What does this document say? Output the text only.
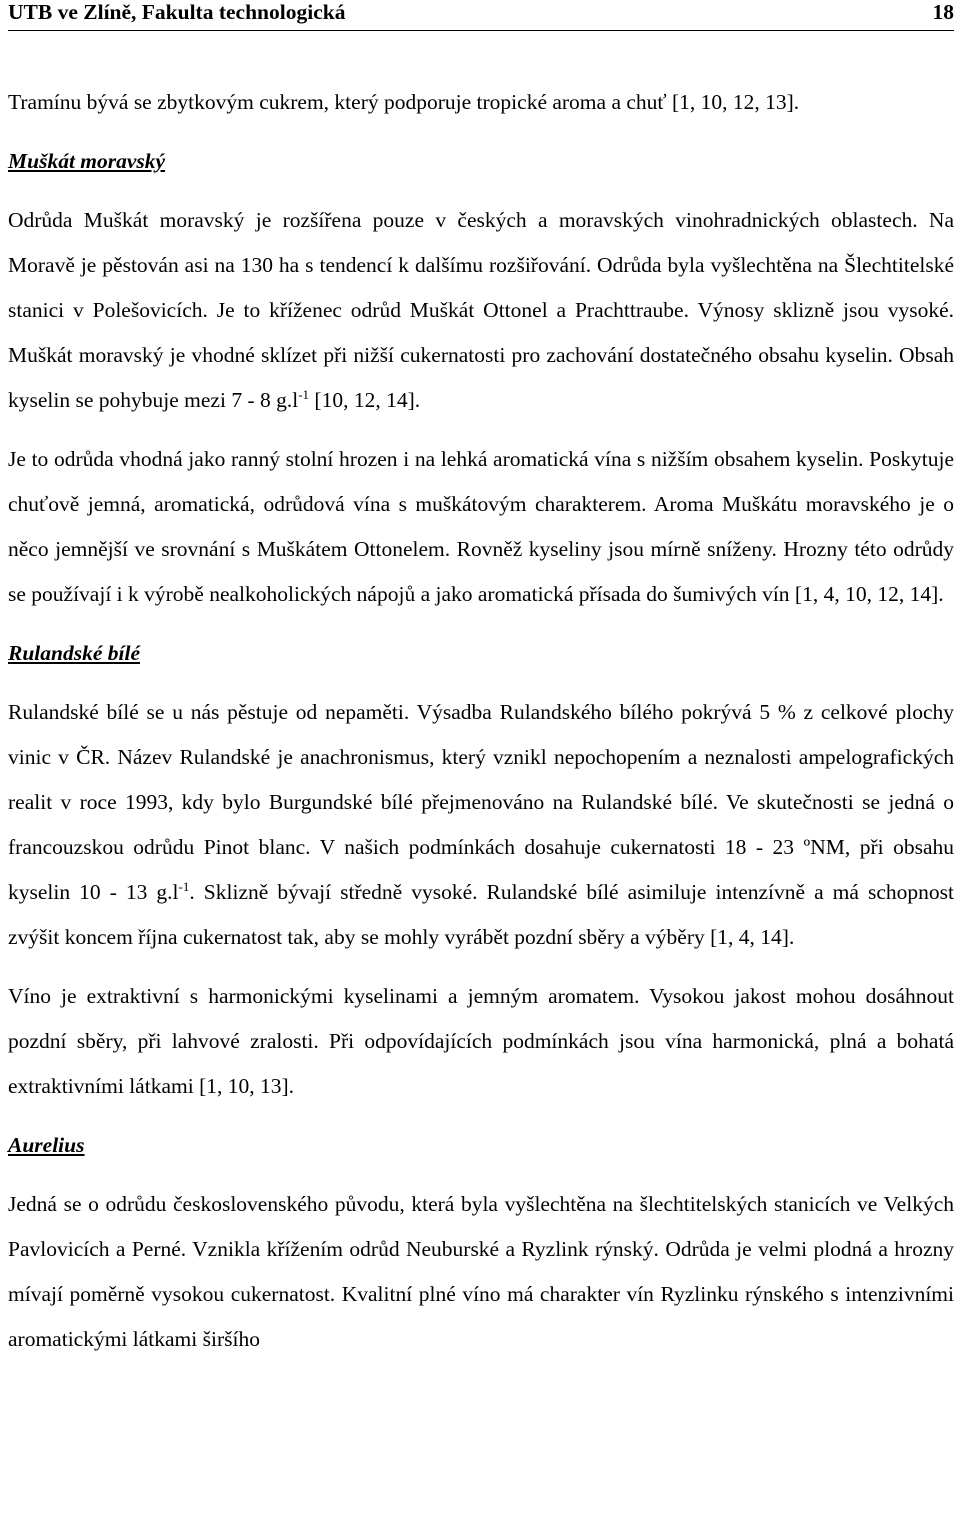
UTB ve Zlíně, Fakulta technologická	18

Tramínu bývá se zbytkovým cukrem, který podporuje tropické aroma a chuť [1, 10, 12, 13].

Muškát moravský

Odrůda Muškát moravský je rozšířena pouze v českých a moravských vinohradnických oblastech. Na Moravě je pěstován asi na 130 ha s tendencí k dalšímu rozšiřování. Odrůda byla vyšlechtěna na Šlechtitelské stanici v Polešovicích. Je to kříženec odrůd Muškát Ottonel a Prachttraube. Výnosy sklizně jsou vysoké. Muškát moravský je vhodné sklízet při nižší cukernatosti pro zachování dostatečného obsahu kyselin. Obsah kyselin se pohybuje mezi 7 - 8 $g.l^{-1}$ [10, 12, 14].

Je to odrůda vhodná jako ranný stolní hrozen i na lehká aromatická vína s nižším obsahem kyselin. Poskytuje chuťově jemná, aromatická, odrůdová vína s muškátovým charakterem. Aroma Muškátu moravského je o něco jemnější ve srovnání s Muškátem Ottonelem. Rovněž kyseliny jsou mírně sníženy. Hrozny této odrůdy se používají i k výrobě nealkoholických nápojů a jako aromatická přísada do šumivých vín [1, 4, 10, 12, 14].

Rulandské bílé

Rulandské bílé se u nás pěstuje od nepaměti. Výsadba Rulandského bílého pokrývá 5 % z celkové plochy vinic v ČR. Název Rulandské je anachronismus, který vznikl nepochopením a neznalosti ampelografických realit v roce 1993, kdy bylo Burgundské bílé přejmenováno na Rulandské bílé. Ve skutečnosti se jedná o francouzskou odrůdu Pinot blanc. V našich podmínkách dosahuje cukernatosti 18 - 23 ºNM, při obsahu kyselin 10 - 13 $g.l^{-1}$. Sklizně bývají středně vysoké. Rulandské bílé asimiluje intenzívně a má schopnost zvýšit koncem října cukernatost tak, aby se mohly vyrábět pozdní sběry a výběry [1, 4, 14].

Víno je extraktivní s harmonickými kyselinami a jemným aromatem. Vysokou jakost mohou dosáhnout pozdní sběry, při lahvové zralosti. Při odpovídajících podmínkách jsou vína harmonická, plná a bohatá extraktivními látkami [1, 10, 13].

Aurelius

Jedná se o odrůdu československého původu, která byla vyšlechtěna na šlechtitelských stanicích ve Velkých Pavlovicích a Perné. Vznikla křížením odrůd Neuburské a Ryzlink rýnský. Odrůda je velmi plodná a hrozny mívají poměrně vysokou cukernatost. Kvalitní plné víno má charakter vín Ryzlinku rýnského s intenzivními aromatickými látkami širšího
